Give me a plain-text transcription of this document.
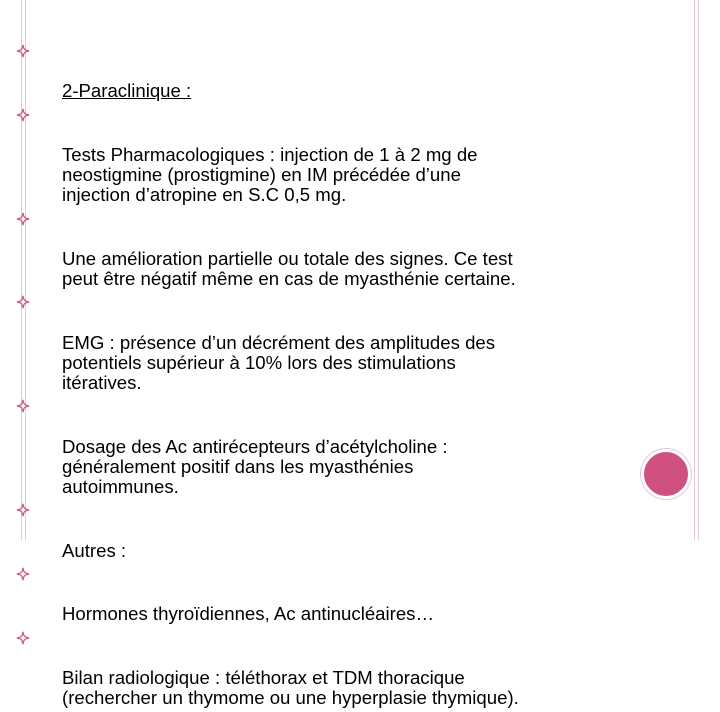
2-Paraclinique :

Tests Pharmacologiques : injection de 1 à 2 mg de
neostigmine (prostigmine) en IM précédée d’une
injection d’atropine en S.C 0,5 mg.

Une amélioration partielle ou totale des signes. Ce test
peut être négatif même en cas de myasthénie certaine.

EMG : présence d’un décrément des amplitudes des
potentiels supérieur à 10% lors des stimulations
itératives.

Dosage des Ac antirécepteurs d’acétylcholine :
généralement positif dans les myasthénies
autoimmunes.

Autres :

Hormones thyroïdiennes, Ac antinucléaires…

Bilan radiologique : téléthorax et TDM thoracique
(rechercher un thymome ou une hyperplasie thymique).
